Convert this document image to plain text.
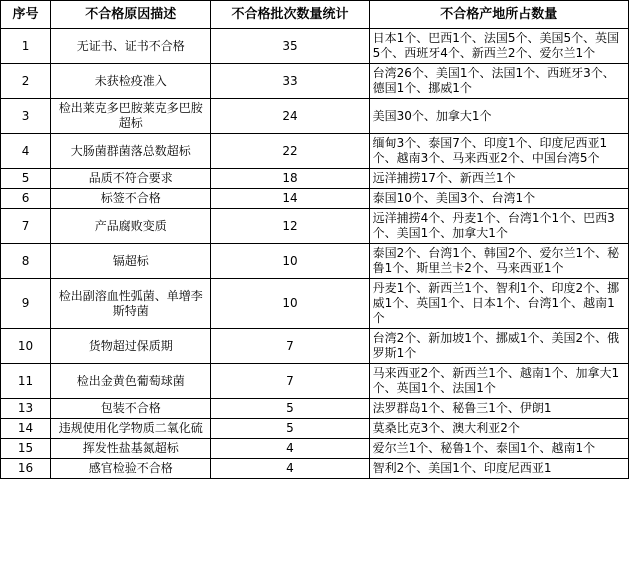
序号	不合格原因描述	不合格批次数量统计	不合格产地所占数量
1	无证书、证书不合格	35	日本1个、巴西1个、法国5个、美国5个、英国5个、西班牙4个、新西兰2个、爱尔兰1个
2	未获检疫准入	33	台湾26个、美国1个、法国1个、西班牙3个、德国1个、挪威1个
3	检出莱克多巴胺莱克多巴胺超标	24	美国30个、加拿大1个
4	大肠菌群菌落总数超标	22	缅甸3个、泰国7个、印度1个、印度尼西亚1个、越南3个、马来西亚2个、中国台湾5个
5	品质不符合要求	18	远洋捕捞17个、新西兰1个
6	标签不合格	14	泰国10个、美国3个、台湾1个
7	产品腐败变质	12	远洋捕捞4个、丹麦1个、台湾1个1个、巴西3个、美国1个、加拿大1个
8	镉超标	10	泰国2个、台湾1个、韩国2个、爱尔兰1个、秘鲁1个、斯里兰卡2个、马来西亚1个
9	检出副溶血性弧菌、单增李斯特菌	10	丹麦1个、新西兰1个、智利1个、印度2个、挪威1个、英国1个、日本1个、台湾1个、越南1个
10	货物超过保质期	7	台湾2个、新加坡1个、挪威1个、美国2个、俄罗斯1个
11	检出金黄色葡萄球菌	7	马来西亚2个、新西兰1个、越南1个、加拿大1个、英国1个、法国1个
13	包装不合格	5	法罗群岛1个、秘鲁三1个、伊朗1
14	违规使用化学物质二氧化硫	5	莫桑比克3个、澳大利亚2个
15	挥发性盐基氮超标	4	爱尔兰1个、秘鲁1个、泰国1个、越南1个
16	感官检验不合格	4	智利2个、美国1个、印度尼西亚1
